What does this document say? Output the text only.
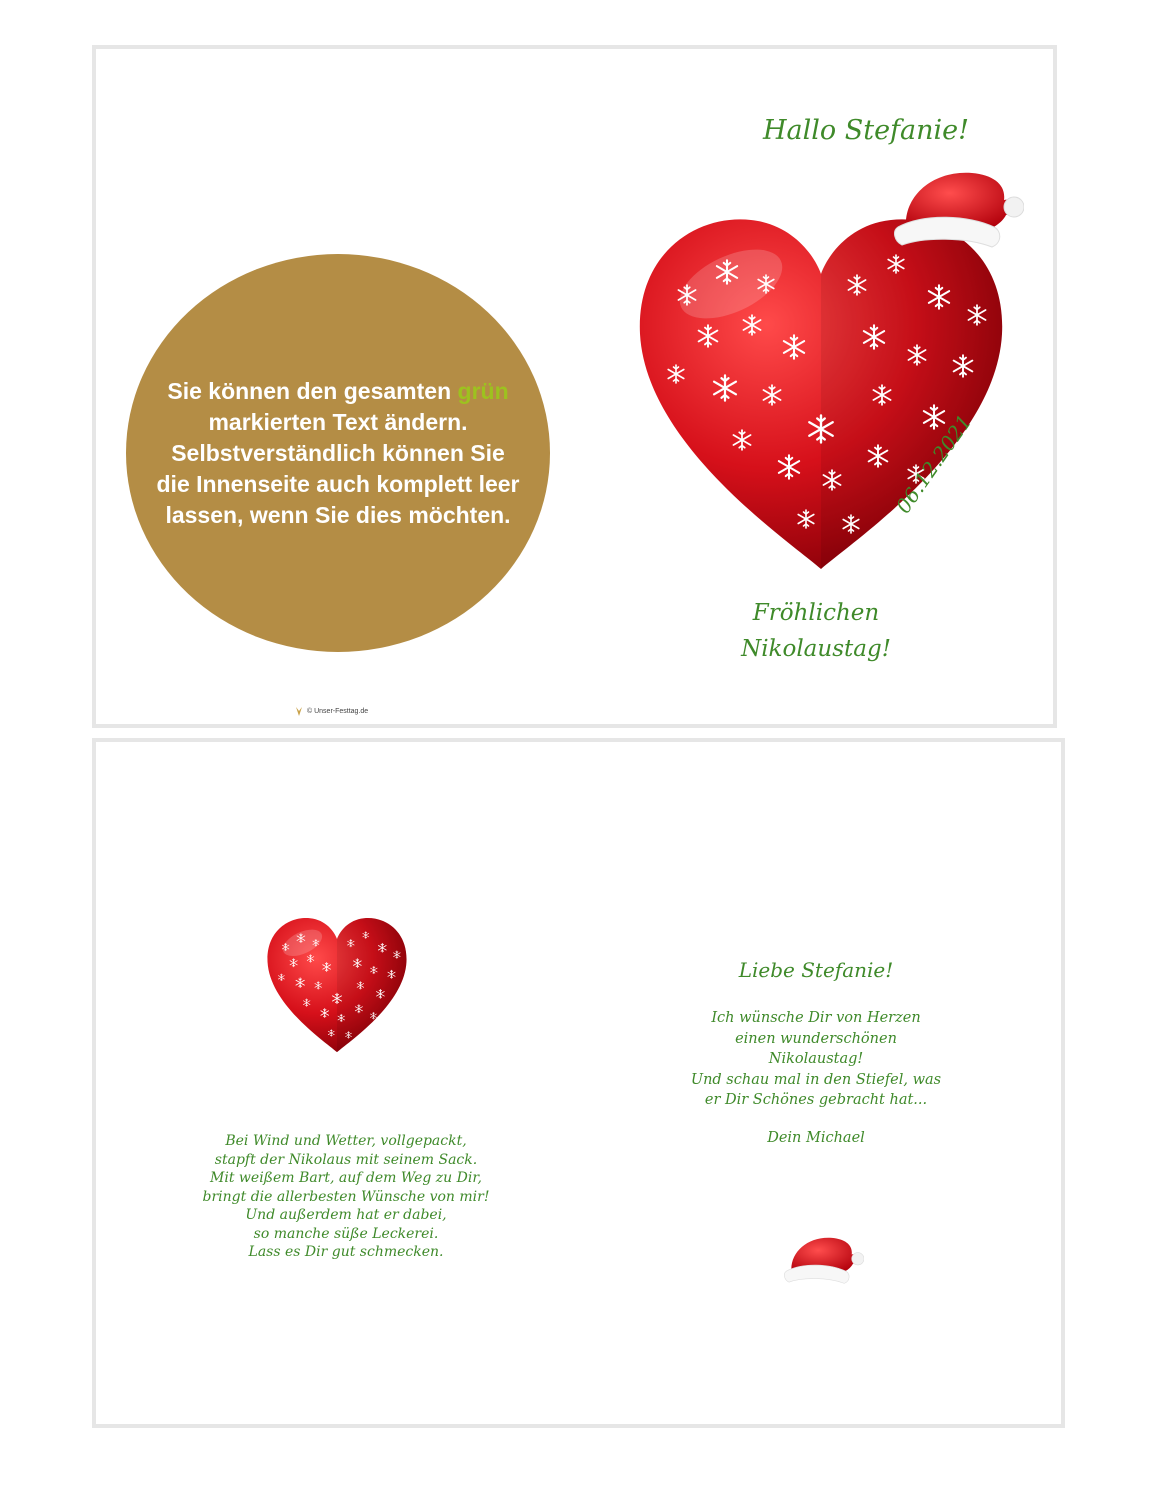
Hallo Stefanie!

06.12.2021

Fröhlichen
Nikolaustag!

Sie können den gesamten grün markierten Text ändern. Selbstverständlich können Sie die Innenseite auch komplett leer lassen, wenn Sie dies möchten.
© Unser-Festtag.de

Bei Wind und Wetter, vollgepackt,
stapft der Nikolaus mit seinem Sack.
Mit weißem Bart, auf dem Weg zu Dir,
bringt die allerbesten Wünsche von mir!
Und außerdem hat er dabei,
so manche süße Leckerei.
Lass es Dir gut schmecken.

Liebe Stefanie!

Ich wünsche Dir von Herzen
einen wunderschönen
Nikolaustag!
Und schau mal in den Stiefel, was
er Dir Schönes gebracht hat...

Dein Michael
